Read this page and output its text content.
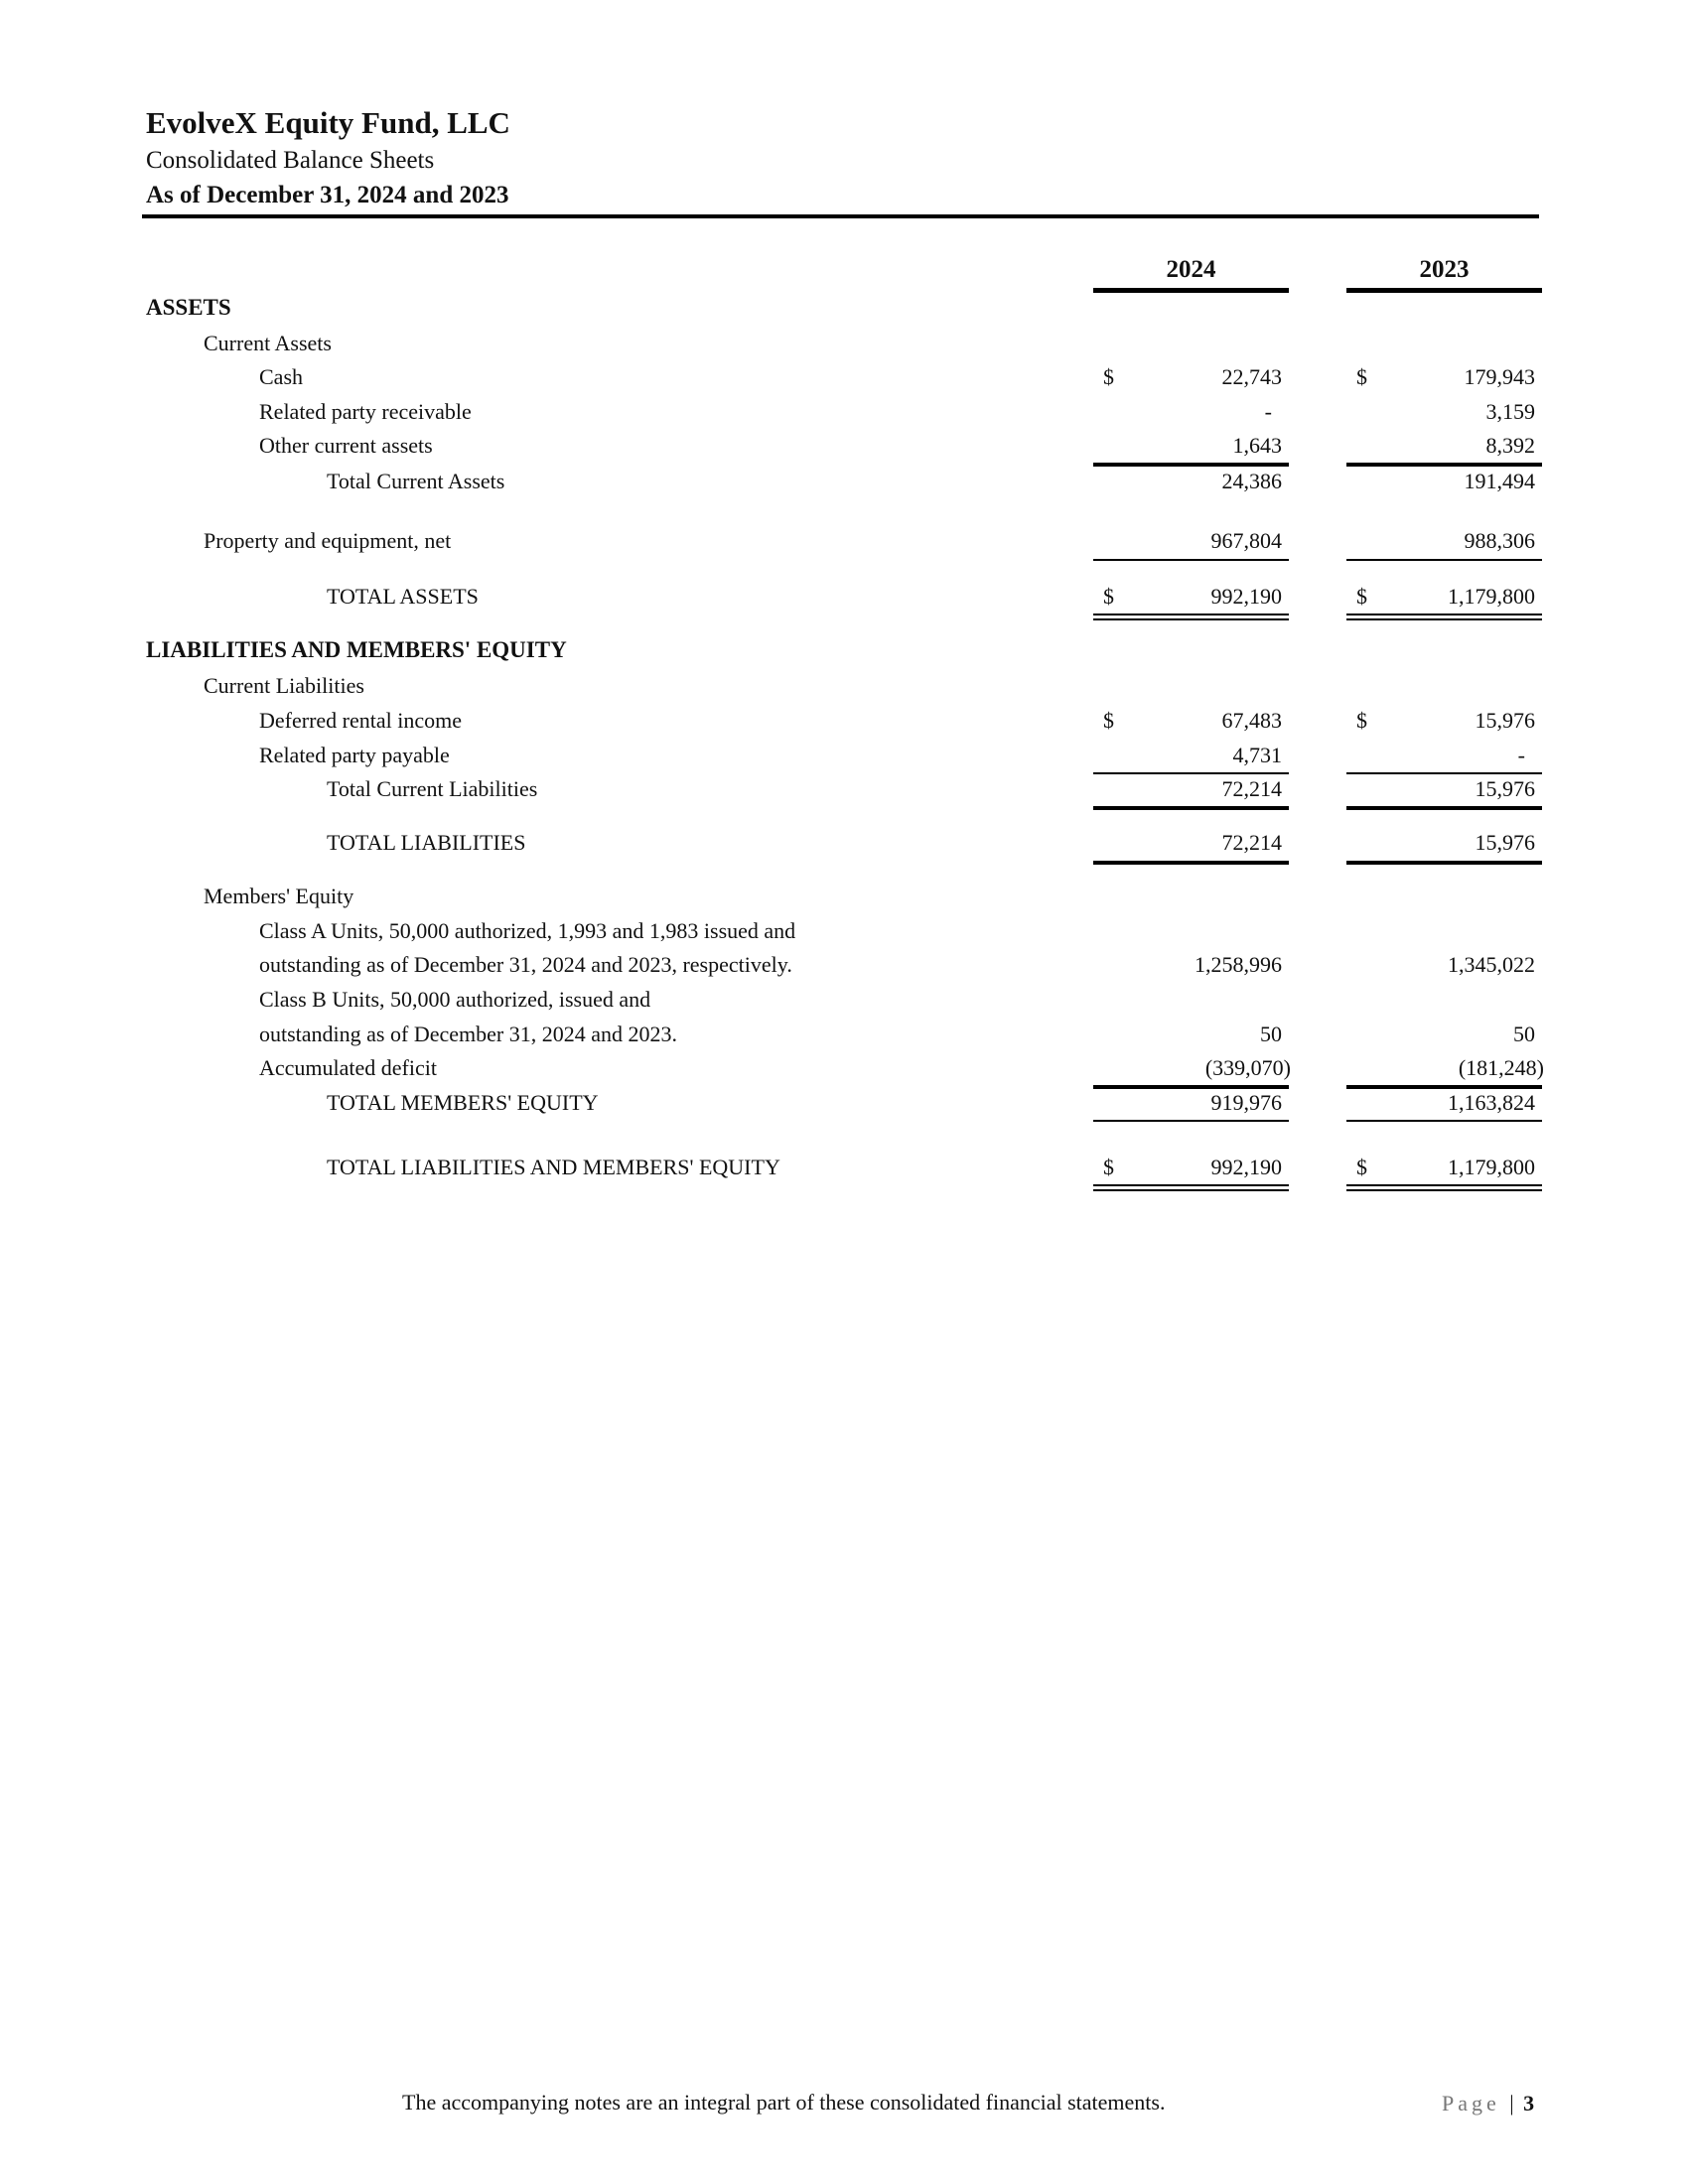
EvolveX Equity Fund, LLC
Consolidated Balance Sheets
As of December 31, 2024 and 2023
2024	2023
ASSETS
Current Assets
Cash	$	22,743	$	179,943
Related party receivable	-	3,159
Other current assets	1,643	8,392
Total Current Assets	24,386	191,494
Property and equipment, net	967,804	988,306
TOTAL ASSETS	$	992,190	$	1,179,800
LIABILITIES AND MEMBERS' EQUITY
Current Liabilities
Deferred rental income	$	67,483	$	15,976
Related party payable	4,731	-
Total Current Liabilities	72,214	15,976
TOTAL LIABILITIES	72,214	15,976
Members' Equity
Class A Units, 50,000 authorized, 1,993 and 1,983 issued and
outstanding as of December 31, 2024 and 2023, respectively.	1,258,996	1,345,022
Class B Units, 50,000 authorized, issued and
outstanding as of December 31, 2024 and 2023.	50	50
Accumulated deficit	(339,070)	(181,248)
TOTAL MEMBERS' EQUITY	919,976	1,163,824
TOTAL LIABILITIES AND MEMBERS' EQUITY	$	992,190	$	1,179,800
The accompanying notes are an integral part of these consolidated financial statements.	Page | 3
